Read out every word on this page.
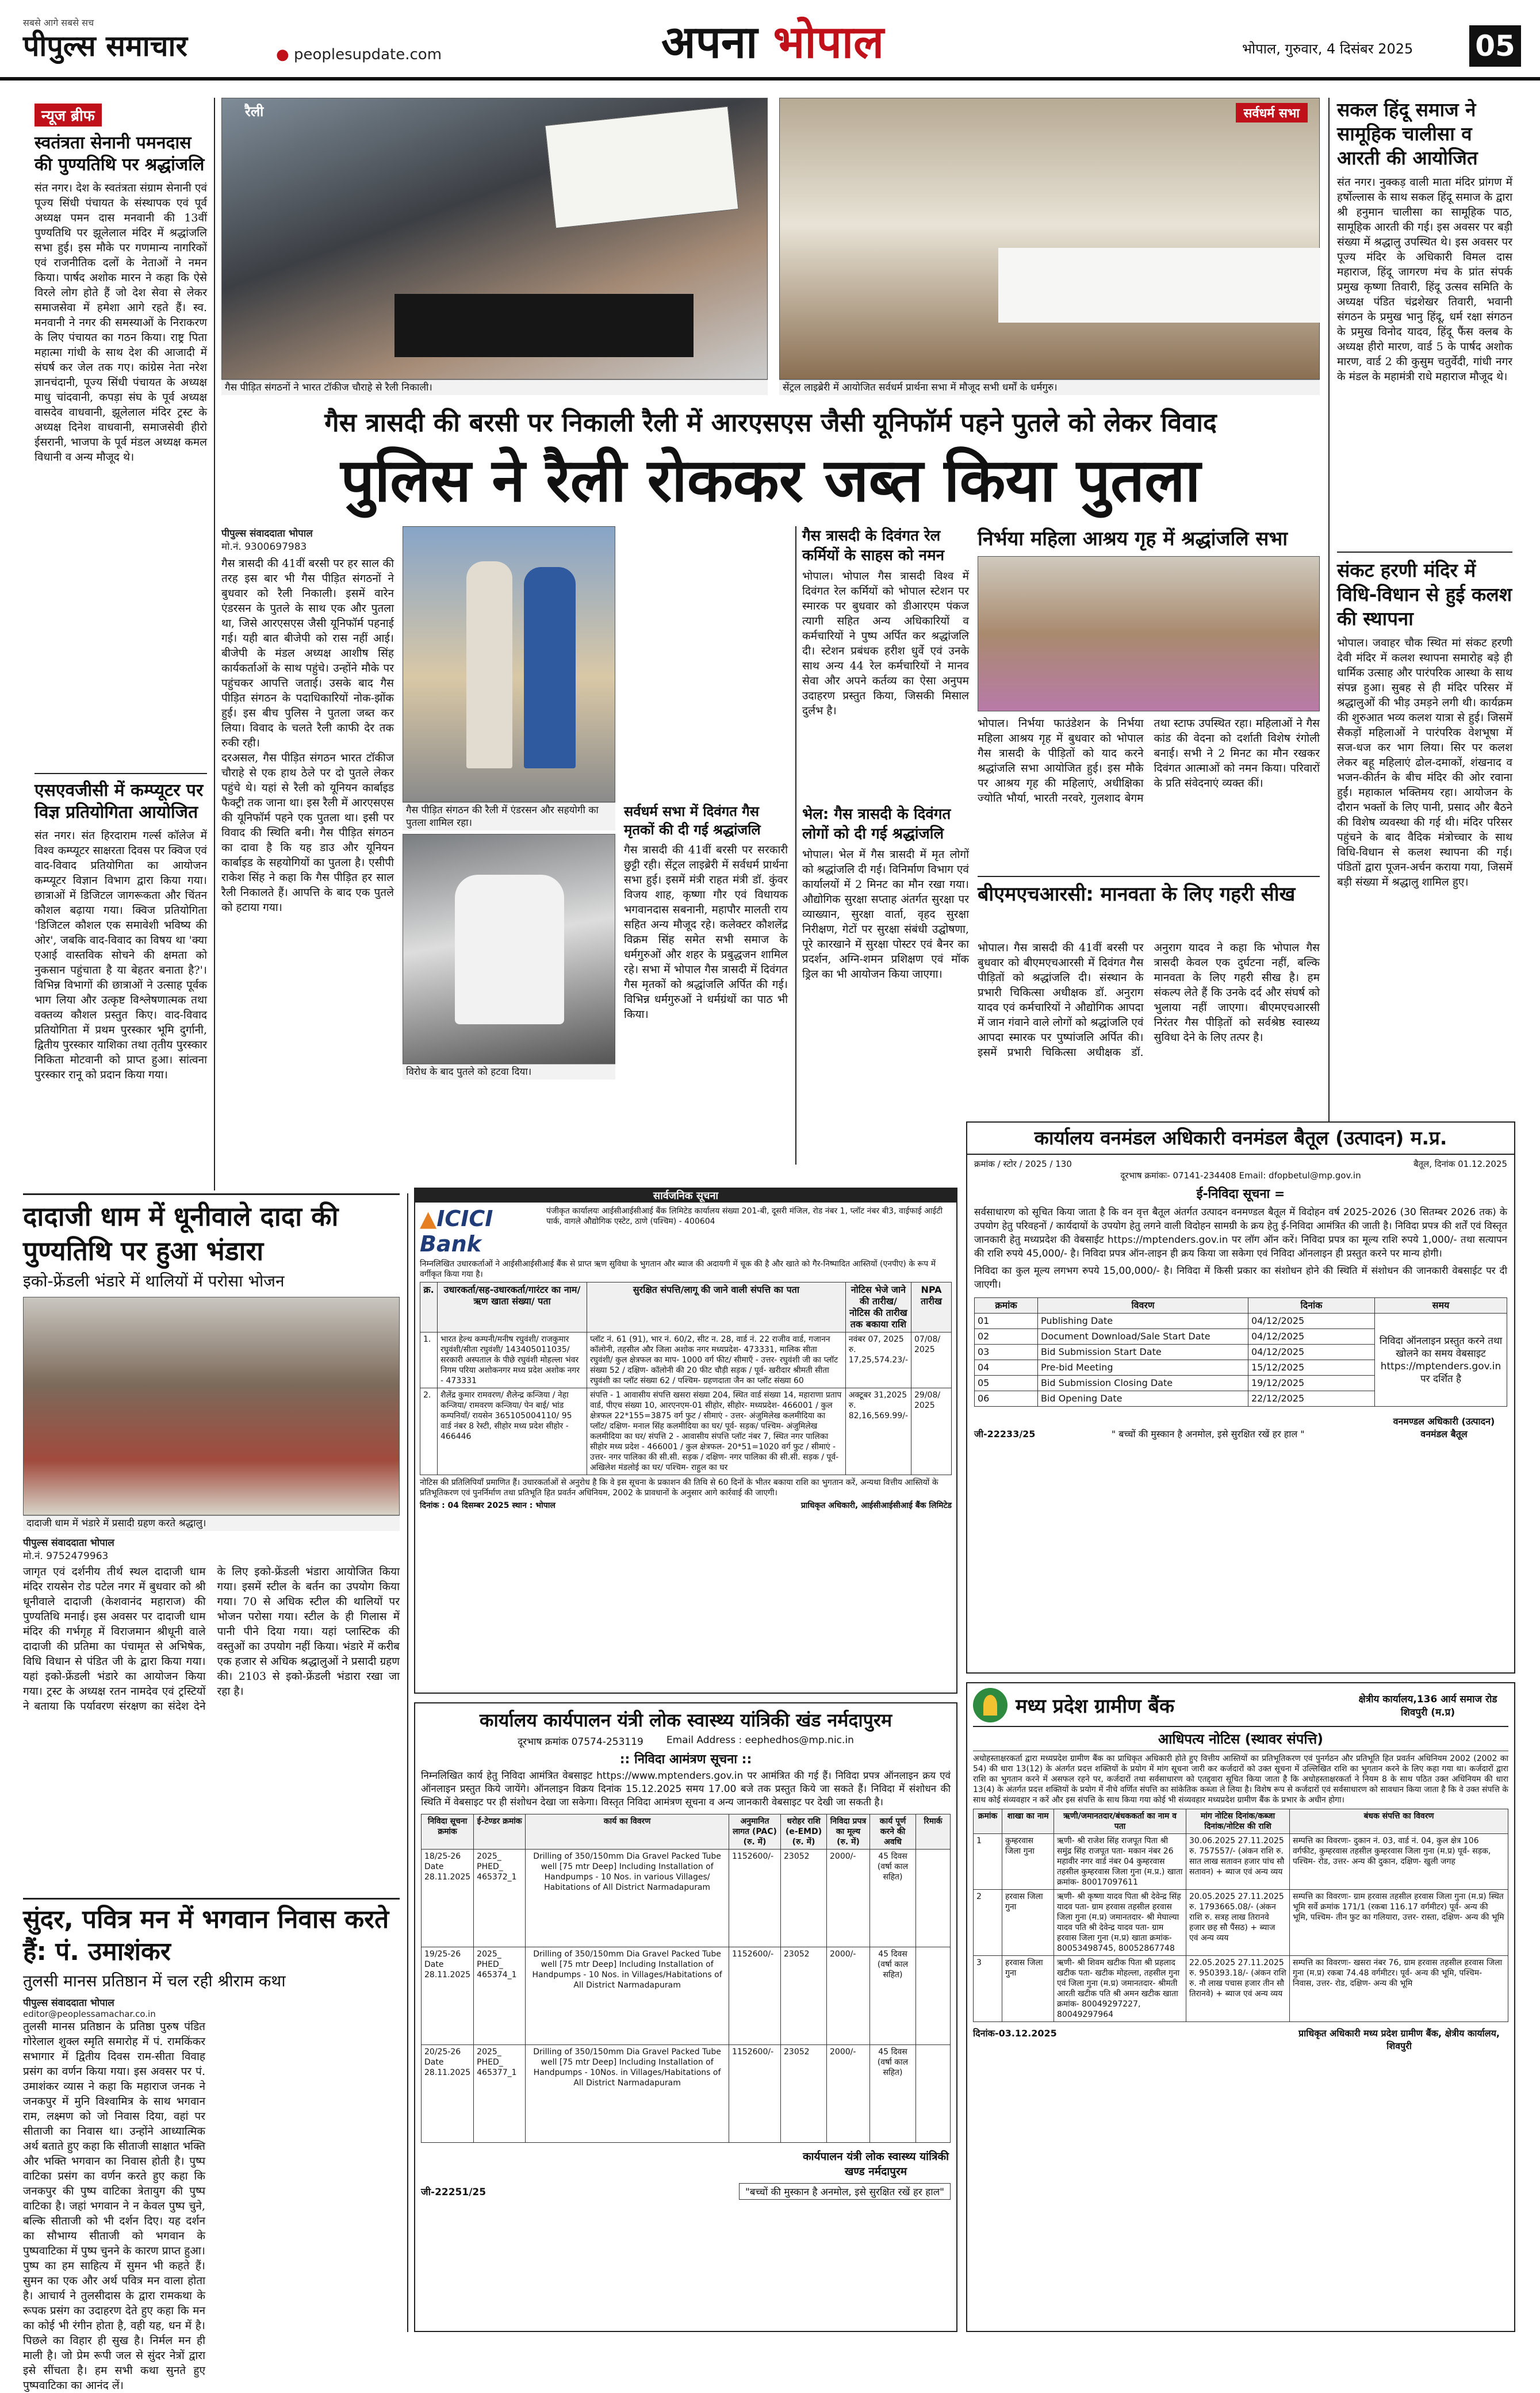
सबसे आगे सबसे सच
पीपुल्स समाचार	● peoplesupdate.com	अपना भोपाल	भोपाल, गुरुवार, 4 दिसंबर 2025 05
न्यूज ब्रीफ
स्वतंत्रता सेनानी पमनदास की पुण्यतिथि पर श्रद्धांजलि
संत नगर। देश के स्वतंत्रता संग्राम सेनानी एवं पूज्य सिंधी पंचायत के संस्थापक एवं पूर्व अध्यक्ष पमन दास मनवानी की 13वीं पुण्यतिथि पर झूलेलाल मंदिर में श्रद्धांजलि सभा हुई। इस मौके पर गणमान्य नागरिकों एवं राजनीतिक दलों के नेताओं ने नमन किया। पार्षद अशोक मारन ने कहा कि ऐसे विरले लोग होते हैं जो देश सेवा से लेकर समाजसेवा में हमेशा आगे रहते हैं। स्व. मनवानी ने नगर की समस्याओं के निराकरण के लिए पंचायत का गठन किया। राष्ट्र पिता महात्मा गांधी के साथ देश की आजादी में संघर्ष कर जेल तक गए। कांग्रेस नेता नरेश ज्ञानचंदानी, पूज्य सिंधी पंचायत के अध्यक्ष माधु चांदवानी, कपड़ा संघ के पूर्व अध्यक्ष वासदेव वाधवानी, झूलेलाल मंदिर ट्रस्ट के अध्यक्ष दिनेश वाधवानी, समाजसेवी हीरो ईसरानी, भाजपा के पूर्व मंडल अध्यक्ष कमल विधानी व अन्य मौजूद थे।
एसएवजीसी में कम्प्यूटर पर विज्ञ प्रतियोगिता आयोजित
संत नगर। संत हिरदाराम गर्ल्स कॉलेज में विश्व कम्प्यूटर साक्षरता दिवस पर क्विज एवं वाद-विवाद प्रतियोगिता का आयोजन कम्प्यूटर विज्ञान विभाग द्वारा किया गया। छात्राओं में डिजिटल जागरूकता और चिंतन कौशल बढ़ाया गया। क्विज प्रतियोगिता 'डिजिटल कौशल एक समावेशी भविष्य की ओर', जबकि वाद-विवाद का विषय था 'क्या एआई वास्तविक सोचने की क्षमता को नुकसान पहुंचाता है या बेहतर बनाता है?'। विभिन्न विभागों की छात्राओं ने उत्साह पूर्वक भाग लिया और उत्कृष्ट विश्लेषणात्मक तथा वक्तव्य कौशल प्रस्तुत किए। वाद-विवाद प्रतियोगिता में प्रथम पुरस्कार भूमि दुर्गानी, द्वितीय पुरस्कार याशिका तथा तृतीय पुरस्कार निकिता मोटवानी को प्राप्त हुआ। सांत्वना पुरस्कार रानू को प्रदान किया गया।
रैली
गैस पीड़ित संगठनों ने भारत टॉकीज चौराहे से रैली निकाली।
सर्वधर्म सभा
सेंट्रल लाइब्रेरी में आयोजित सर्वधर्म प्रार्थना सभा में मौजूद सभी धर्मों के धर्मगुरु।
गैस त्रासदी की बरसी पर निकाली रैली में आरएसएस जैसी यूनिफॉर्म पहने पुतले को लेकर विवाद
पुलिस ने रैली रोककर जब्त किया पुतला
पीपुल्स संवाददाता भोपाल
मो.नं. 9300697983
गैस त्रासदी की 41वीं बरसी पर हर साल की तरह इस बार भी गैस पीड़ित संगठनों ने बुधवार को रैली निकाली। इसमें वारेन एंडरसन के पुतले के साथ एक और पुतला था, जिसे आरएसएस जैसी यूनिफॉर्म पहनाई गई। यही बात बीजेपी को रास नहीं आई। बीजेपी के मंडल अध्यक्ष आशीष सिंह कार्यकर्ताओं के साथ पहुंचे। उन्होंने मौके पर पहुंचकर आपत्ति जताई। उसके बाद गैस पीड़ित संगठन के पदाधिकारियों नोक-झोंक हुई। इस बीच पुलिस ने पुतला जब्त कर लिया। विवाद के चलते रैली काफी देर तक रुकी रही।
दरअसल, गैस पीड़ित संगठन भारत टॉकीज चौराहे से एक हाथ ठेले पर दो पुतले लेकर पहुंचे थे। यहां से रैली को यूनियन कार्बाइड फैक्ट्री तक जाना था। इस रैली में आरएसएस की यूनिफॉर्म पहने एक पुतला था। इसी पर विवाद की स्थिति बनी। गैस पीड़ित संगठन का दावा है कि यह डाउ और यूनियन कार्बाइड के सहयोगियों का पुतला है। एसीपी राकेश सिंह ने कहा कि गैस पीड़ित हर साल रैली निकालते हैं। आपत्ति के बाद एक पुतले को हटाया गया।
गैस पीड़ित संगठन की रैली में एंडरसन और सहयोगी का पुतला शामिल रहा।
विरोध के बाद पुतले को हटवा दिया।
सर्वधर्म सभा में दिवंगत गैस मृतकों की दी गई श्रद्धांजलि
गैस त्रासदी की 41वीं बरसी पर सरकारी छुट्टी रही। सेंट्रल लाइब्रेरी में सर्वधर्म प्रार्थना सभा हुई। इसमें मंत्री राहत मंत्री डॉ. कुंवर विजय शाह, कृष्णा गौर एवं विधायक भगवानदास सबनानी, महापौर मालती राय सहित अन्य मौजूद रहे। कलेक्टर कौशलेंद्र विक्रम सिंह समेत सभी समाज के धर्मगुरुओं और शहर के प्रबुद्धजन शामिल रहे। सभा में भोपाल गैस त्रासदी में दिवंगत गैस मृतकों को श्रद्धांजलि अर्पित की गई। विभिन्न धर्मगुरुओं ने धर्मग्रंथों का पाठ भी किया।
गैस त्रासदी के दिवंगत रेल कर्मियों के साहस को नमन
भोपाल। भोपाल गैस त्रासदी विश्व में दिवंगत रेल कर्मियों को भोपाल स्टेशन पर स्मारक पर बुधवार को डीआरएम पंकज त्यागी सहित अन्य अधिकारियों व कर्मचारियों ने पुष्प अर्पित कर श्रद्धांजलि दी। स्टेशन प्रबंधक हरीश धुर्वे एवं उनके साथ अन्य 44 रेल कर्मचारियों ने मानव सेवा और अपने कर्तव्य का ऐसा अनुपम उदाहरण प्रस्तुत किया, जिसकी मिसाल दुर्लभ है।
भेल: गैस त्रासदी के दिवंगत लोगों को दी गई श्रद्धांजलि
भोपाल। भेल में गैस त्रासदी में मृत लोगों को श्रद्धांजलि दी गई। विनिर्माण विभाग एवं कार्यालयों में 2 मिनट का मौन रखा गया। औद्योगिक सुरक्षा सप्ताह अंतर्गत सुरक्षा पर व्याख्यान, सुरक्षा वार्ता, वृहद सुरक्षा निरीक्षण, गेटों पर सुरक्षा संबंधी उद्घोषणा, पूरे कारखाने में सुरक्षा पोस्टर एवं बैनर का प्रदर्शन, अग्नि-शमन प्रशिक्षण एवं मॉक ड्रिल का भी आयोजन किया जाएगा।
निर्भया महिला आश्रय गृह में श्रद्धांजलि सभा
भोपाल। निर्भया फाउंडेशन के निर्भया महिला आश्रय गृह में बुधवार को भोपाल गैस त्रासदी के पीड़ितों को याद करने श्रद्धांजलि सभा आयोजित हुई। इस मौके पर आश्रय गृह की महिलाएं, अधीक्षिका ज्योति भौर्या, भारती नरवरे, गुलशाद बेगम तथा स्टाफ उपस्थित रहा। महिलाओं ने गैस कांड की वेदना को दर्शाती विशेष रंगोली बनाई। सभी ने 2 मिनट का मौन रखकर दिवंगत आत्माओं को नमन किया। परिवारों के प्रति संवेदनाएं व्यक्त कीं।
बीएमएचआरसी: मानवता के लिए गहरी सीख
भोपाल। गैस त्रासदी की 41वीं बरसी पर बुधवार को बीएमएचआरसी में दिवंगत गैस पीड़ितों को श्रद्धांजलि दी। संस्थान के प्रभारी चिकित्सा अधीक्षक डॉ. अनुराग यादव एवं कर्मचारियों ने औद्योगिक आपदा में जान गंवाने वाले लोगों को श्रद्धांजलि एवं आपदा स्मारक पर पुष्पांजलि अर्पित की। इसमें प्रभारी चिकित्सा अधीक्षक डॉ. अनुराग यादव ने कहा कि भोपाल गैस त्रासदी केवल एक दुर्घटना नहीं, बल्कि मानवता के लिए गहरी सीख है। हम संकल्प लेते हैं कि उनके दर्द और संघर्ष को भुलाया नहीं जाएगा। बीएमएचआरसी निरंतर गैस पीड़ितों को सर्वश्रेष्ठ स्वास्थ्य सुविधा देने के लिए तत्पर है।
सकल हिंदू समाज ने सामूहिक चालीसा व आरती की आयोजित
संत नगर। नुक्कड़ वाली माता मंदिर प्रांगण में हर्षोल्लास के साथ सकल हिंदू समाज के द्वारा श्री हनुमान चालीसा का सामूहिक पाठ, सामूहिक आरती की गई। इस अवसर पर बड़ी संख्या में श्रद्धालु उपस्थित थे। इस अवसर पर पूज्य मंदिर के अधिकारी विमल दास महाराज, हिंदू जागरण मंच के प्रांत संपर्क प्रमुख कृष्णा तिवारी, हिंदू उत्सव समिति के अध्यक्ष पंडित चंद्रशेखर तिवारी, भवानी संगठन के प्रमुख भानु हिंदू, धर्म रक्षा संगठन के प्रमुख विनोद यादव, हिंदू फैंस क्लब के अध्यक्ष हीरो मारण, वार्ड 5 के पार्षद अशोक मारण, वार्ड 2 की कुसुम चतुर्वेदी, गांधी नगर के मंडल के महामंत्री राधे महाराज मौजूद थे।
संकट हरणी मंदिर में विधि-विधान से हुई कलश की स्थापना
भोपाल। जवाहर चौक स्थित मां संकट हरणी देवी मंदिर में कलश स्थापना समारोह बड़े ही धार्मिक उत्साह और पारंपरिक आस्था के साथ संपन्न हुआ। सुबह से ही मंदिर परिसर में श्रद्धालुओं की भीड़ उमड़ने लगी थी। कार्यक्रम की शुरुआत भव्य कलश यात्रा से हुई। जिसमें सैकड़ों महिलाओं ने पारंपरिक वेशभूषा में सज-धज कर भाग लिया। सिर पर कलश लेकर बहू महिलाएं ढोल-दमाकों, शंखनाद व भजन-कीर्तन के बीच मंदिर की ओर रवाना हुईं। महाकाल भक्तिमय रहा। आयोजन के दौरान भक्तों के लिए पानी, प्रसाद और बैठने की विशेष व्यवस्था की गई थी। मंदिर परिसर पहुंचने के बाद वैदिक मंत्रोच्चार के साथ विधि-विधान से कलश स्थापना की गई। पंडितों द्वारा पूजन-अर्चन कराया गया, जिसमें बड़ी संख्या में श्रद्धालु शामिल हुए।
दादाजी धाम में धूनीवाले दादा की पुण्यतिथि पर हुआ भंडारा
इको-फ्रेंडली भंडारे में थालियों में परोसा भोजन
दादाजी धाम में भंडारे में प्रसादी ग्रहण करते श्रद्धालु।
पीपुल्स संवाददाता भोपाल
मो.नं. 9752479963
जागृत एवं दर्शनीय तीर्थ स्थल दादाजी धाम मंदिर रायसेन रोड पटेल नगर में बुधवार को श्री धूनीवाले दादाजी (केशवानंद महाराज) की पुण्यतिथि मनाई। इस अवसर पर दादाजी धाम मंदिर की गर्भगृह में विराजमान श्रीधूनी वाले दादाजी की प्रतिमा का पंचामृत से अभिषेक, विधि विधान से पंडित जी के द्वारा किया गया। यहां इको-फ्रेंडली भंडारे का आयोजन किया गया। ट्रस्ट के अध्यक्ष रतन नामदेव एवं ट्रस्टियों ने बताया कि पर्यावरण संरक्षण का संदेश देने के लिए इको-फ्रेंडली भंडारा आयोजित किया गया। इसमें स्टील के बर्तन का उपयोग किया गया। 70 से अधिक स्टील की थालियों पर भोजन परोसा गया। स्टील के ही गिलास में पानी पीने दिया गया। यहां प्लास्टिक की वस्तुओं का उपयोग नहीं किया। भंडारे में करीब एक हजार से अधिक श्रद्धालुओं ने प्रसादी ग्रहण की। 2103 से इको-फ्रेंडली भंडारा रखा जा रहा है।
सुंदर, पवित्र मन में भगवान निवास करते हैं: पं. उमाशंकर
तुलसी मानस प्रतिष्ठान में चल रही श्रीराम कथा
पीपुल्स संवाददाता भोपाल
editor@peoplessamachar.co.in
तुलसी मानस प्रतिष्ठान के प्रतिष्ठा पुरुष पंडित गोरेलाल शुक्ल स्मृति समारोह में पं. रामकिंकर सभागार में द्वितीय दिवस राम-सीता विवाह प्रसंग का वर्णन किया गया। इस अवसर पर पं. उमाशंकर व्यास ने कहा कि महाराज जनक ने जनकपुर में मुनि विश्वामित्र के साथ भगवान राम, लक्ष्मण को जो निवास दिया, वहां पर सीताजी का निवास था। उन्होंने आध्यात्मिक अर्थ बताते हुए कहा कि सीताजी साक्षात भक्ति और भक्ति भगवान का निवास होती है। पुष्प वाटिका प्रसंग का वर्णन करते हुए कहा कि जनकपुर की पुष्प वाटिका त्रेतायुग की पुष्प वाटिका है। जहां भगवान ने न केवल पुष्प चुने, बल्कि सीताजी को भी दर्शन दिए। यह दर्शन का सौभाग्य सीताजी को भगवान के पुष्पवाटिका में पुष्प चुनने के कारण प्राप्त हुआ। पुष्प का हम साहित्य में सुमन भी कहते हैं। सुमन का एक और अर्थ पवित्र मन वाला होता है। आचार्य ने तुलसीदास के द्वारा रामकथा के रूपक प्रसंग का उदाहरण देते हुए कहा कि मन का कोई भी रंगीन होता है, वही यह, धन में है। पिछले का विहार ही सुख है। निर्मल मन ही माली है। जो प्रेम रूपी जल से सुंदर नेत्रों द्वारा इसे सींचता है। हम सभी कथा सुनते हुए पुष्पवाटिका का आनंद लें।
सार्वजनिक सूचना
▲ICICI Bank
पंजीकृत कार्यालयः आईसीआईसीआई बैंक लिमिटेड कार्यालय संख्या 201-बी, दूसरी मंजिल, रोड नंबर 1, प्लॉट नंबर बी3, वाईफाई आईटी पार्क, वागले औद्योगिक एस्टेट, ठाणे (पश्चिम) - 400604
निम्नलिखित उधारकर्ताओं ने आईसीआईसीआई बैंक से प्राप्त ऋण सुविधा के भुगतान और ब्याज की अदायगी में चूक की है और खाते को गैर-निष्पादित आस्तियों (एनपीए) के रूप में वर्गीकृत किया गया है।
क्र.	उधारकर्ता/सह-उधारकर्ता/गारंटर का नाम/ ऋण खाता संख्या/ पता	सुरक्षित संपत्ति/लागू की जाने वाली संपत्ति का पता	नोटिस भेजे जाने की तारीख/ नोटिस की तारीख तक बकाया राशि	NPA तारीख
1.	भारत हेल्थ कम्पनी/मनीष रघुवंशी/ राजकुमार रघुवंशी/सीता रघुवंशी/ 143405011035/ सरकारी अस्पताल के पीछे रघुवंशी मोहल्ला भंवर निगम परिया अशोकनगर मध्य प्रदेश अशोक नगर - 473331	प्लॉट नं. 61 (91), भार नं. 60/2, सीट न. 28, वार्ड नं. 22 राजीव वार्ड, गजानन कॉलोनी, तहसील और जिला अशोक नगर मध्यप्रदेश- 473331, मालिक सीता रघुवंशी/ कुल क्षेत्रफल का माप- 1000 वर्ग फीट/ सीमाएँ - उत्तर- रघुवंशी जी का प्लॉट संख्या 52 / दक्षिण- कॉलोनी की 20 फीट चौड़ी सड़क / पूर्व- खरीदार श्रीमती सीता रघुवंशी का प्लॉट संख्या 62 / पश्चिम- ग्रहणदाता जैन का प्लॉट संख्या 60	नवंबर 07, 2025 रु. 17,25,574.23/-	07/08/ 2025
2.	शैलेंद्र कुमार रामवरण/ शैलेन्द्र कन्जिया / नेहा कन्जिया/ रामवरण कन्जिया/ पेन बाई/ भांड कम्पनियाँ/ रायसेन 365105004110/ 95 वार्ड नंबर 8 रेस्टी, सीहोर मध्य प्रदेश सीहोर - 466446	संपत्ति - 1 आवासीय संपत्ति खसरा संख्या 204, स्थित वार्ड संख्या 14, महाराणा प्रताप वार्ड, पीएच संख्या 10, आरएनएम-01 सीहोर, सीहोर- मध्यप्रदेश- 466001 / कुल क्षेत्रफल 22*155=3875 वर्ग फुट / सीमाएं - उत्तर- अंजुमिलेख कलमीदिया का प्लॉट/ दक्षिण- मनाल सिंह कलमीदिया का घर/ पूर्व- सड़क/ पश्चिम- अंजुमिलेख कलमीदिया का घर/ संपत्ति 2 - आवासीय संपत्ति प्लॉट नंबर 7, स्थित नगर पालिका सीहोर मध्य प्रदेश - 466001 / कुल क्षेत्रफल- 20*51=1020 वर्ग फुट / सीमाएं - उत्तर- नगर पालिका की सी.सी. सड़क / दक्षिण- नगर पालिका की सी.सी. सड़क / पूर्व- अखिलेश मंडलोई का घर/ पश्चिम- राहुल का घर	अक्टूबर 31,2025 रु. 82,16,569.99/-	29/08/ 2025
नोटिस की प्रतिलिपियाँ प्रमाणित हैं। उधारकर्ताओं से अनुरोध है कि वे इस सूचना के प्रकाशन की तिथि से 60 दिनों के भीतर बकाया राशि का भुगतान करें, अन्यथा वित्तीय आस्तियों के प्रतिभूतिकरण एवं पुनर्निर्माण तथा प्रतिभूति हित प्रवर्तन अधिनियम, 2002 के प्रावधानों के अनुसार आगे कार्रवाई की जाएगी।
दिनांक : 04 दिसम्बर 2025 स्थान : भोपाल	प्राधिकृत अधिकारी, आईसीआईसीआई बैंक लिमिटेड
कार्यालय कार्यपालन यंत्री लोक स्वास्थ्य यांत्रिकी खंड नर्मदापुरम
दूरभाष क्रमांक 07574-253119 Email Address : eephedhos@mp.nic.in
:: निविदा आमंत्रण सूचना ::
निम्नलिखित कार्य हेतु निविदा आमंत्रित वेबसाइट https://www.mptenders.gov.in पर आमंत्रित की गई हैं। निविदा प्रपत्र ऑनलाइन क्रय एवं ऑनलाइन प्रस्तुत किये जायेंगे। ऑनलाइन विक्रय दिनांक 15.12.2025 समय 17.00 बजे तक प्रस्तुत किये जा सकते हैं। निविदा में संशोधन की स्थिति में वेबसाइट पर ही संशोधन देखा जा सकेगा। विस्तृत निविदा आमंत्रण सूचना व अन्य जानकारी वेबसाइट पर देखी जा सकती है।
निविदा सूचना क्रमांक	ई-टेण्डर क्रमांक	कार्य का विवरण	अनुमानित लागत (PAC) (रु. में)	धरोहर राशि (e-EMD) (रु. में)	निविदा प्रपत्र का मूल्य (रु. में)	कार्य पूर्ण करने की अवधि	रिमार्क
18/25-26 Date 28.11.2025	2025_ PHED_ 465372_1	Drilling of 350/150mm Dia Gravel Packed Tube well [75 mtr Deep] Including Installation of Handpumps - 10 Nos. in various Villages/ Habitations of All District Narmadapuram	1152600/-	23052	2000/-	45 दिवस (वर्षा काल सहित)	
19/25-26 Date 28.11.2025	2025_ PHED_ 465374_1	Drilling of 350/150mm Dia Gravel Packed Tube well [75 mtr Deep] Including Installation of Handpumps - 10 Nos. in Villages/Habitations of All District Narmadapuram	1152600/-	23052	2000/-	45 दिवस (वर्षा काल सहित)	
20/25-26 Date 28.11.2025	2025_ PHED_ 465377_1	Drilling of 350/150mm Dia Gravel Packed Tube well [75 mtr Deep] Including Installation of Handpumps - 10Nos. in Villages/Habitations of All District Narmadapuram	1152600/-	23052	2000/-	45 दिवस (वर्षा काल सहित)	
कार्यपालन यंत्री लोक स्वास्थ्य यांत्रिकी खण्ड नर्मदापुरम
जी-22251/25	"बच्चों की मुस्कान है अनमोल, इसे सुरक्षित रखें हर हाल"
कार्यालय वनमंडल अधिकारी वनमंडल बैतूल (उत्पादन) म.प्र.
क्रमांक / स्टोर / 2025 / 130	बैतूल, दिनांक 01.12.2025
दूरभाष क्रमांकः- 07141-234408 Email: dfopbetul@mp.gov.in
ई-निविदा सूचना =
सर्वसाधारण को सूचित किया जाता है कि वन वृत्त बैतूल अंतर्गत उत्पादन वनमण्डल बैतूल में विदोहन वर्ष 2025-2026 (30 सितम्बर 2026 तक) के उपयोग हेतु परिवहनों / कार्यदायों के उपयोग हेतु लगने वाली विदोहन सामग्री के क्रय हेतु ई-निविदा आमंत्रित की जाती है। निविदा प्रपत्र की शर्तें एवं विस्तृत जानकारी हेतु मध्यप्रदेश की वेबसाईट https://mptenders.gov.in पर लॉग ऑन करें। निविदा प्रपत्र का मूल्य राशि रुपये 1,000/- तथा सत्यापन की राशि रुपये 45,000/- है। निविदा प्रपत्र ऑन-लाइन ही क्रय किया जा सकेगा एवं निविदा ऑनलाइन ही प्रस्तुत करने पर मान्य होगी।
निविदा का कुल मूल्य लगभग रुपये 15,00,000/- है। निविदा में किसी प्रकार का संशोधन होने की स्थिति में संशोधन की जानकारी वेबसाईट पर दी जाएगी।
क्रमांक	विवरण	दिनांक	समय
01	Publishing Date	04/12/2025	निविदा ऑनलाइन प्रस्तुत करने तथा खोलने का समय वेबसाइट https://mptenders.gov.in पर दर्शित है
02	Document Download/Sale Start Date	04/12/2025	
03	Bid Submission Start Date	04/12/2025	
04	Pre-bid Meeting	15/12/2025	
05	Bid Submission Closing Date	19/12/2025	
06	Bid Opening Date	22/12/2025	
जी-22233/25	" बच्चों की मुस्कान है अनमोल, इसे सुरक्षित रखें हर हाल "
वनमण्डल अधिकारी (उत्पादन) वनमंडल बैतूल
मध्य प्रदेश ग्रामीण बैंक	क्षेत्रीय कार्यालय,136 आर्य समाज रोड शिवपुरी (म.प्र)
आधिपत्य नोटिस (स्थावर संपत्ति)
अधोहस्ताक्षरकर्ता द्वारा मध्यप्रदेश ग्रामीण बैंक का प्राधिकृत अधिकारी होते हुए वित्तीय आस्तियों का प्रतिभूतिकरण एवं पुनर्गठन और प्रतिभूति हित प्रवर्तन अधिनियम 2002 (2002 का 54) की धारा 13(12) के अंतर्गत प्रदत्त शक्तियों के प्रयोग में मांग सूचना जारी कर कर्जदारों को उक्त सूचना में उल्लिखित राशि का भुगतान करने के लिए कहा गया था। कर्जदारों द्वारा राशि का भुगतान करने में असफल रहने पर, कर्जदारों तथा सर्वसाधारण को एतद्द्वारा सूचित किया जाता है कि अधोहस्ताक्षरकर्ता ने नियम 8 के साथ पठित उक्त अधिनियम की धारा 13(4) के अंतर्गत प्रदत्त शक्तियों के प्रयोग में नीचे वर्णित संपत्ति का सांकेतिक कब्जा ले लिया है। विशेष रूप से कर्जदारों एवं सर्वसाधारण को सावधान किया जाता है कि वे उक्त संपत्ति के साथ कोई संव्यवहार न करें और इस संपत्ति के साथ किया गया कोई भी संव्यवहार मध्यप्रदेश ग्रामीण बैंक के प्रभार के अधीन होगा।
क्रमांक	शाखा का नाम	ऋणी/जमानतदार/बंधककर्ता का नाम व पता	मांग नोटिस दिनांक/कब्जा दिनांक/नोटिस की राशि	बंधक संपत्ति का विवरण
1	कुम्हरवास जिला गुना	ऋणी- श्री राजेश सिंह राजपूत पिता श्री समुंद्र सिंह राजपूत पता- मकान नंबर 26 महावीर नगर वार्ड नंबर 04 कुम्हरवास तहसील कुम्हरवास जिला गुना (म.प्र.) खाता क्रमांक- 80017097611	30.06.2025 27.11.2025 रु. 757557/- (अंकन राशि रु. सात लाख सतावन हजार पांच सौ सतावन) + ब्याज एवं अन्य व्यय	सम्पत्ति का विवरणः- दुकान नं. 03, वार्ड नं. 04, कुल क्षेत्र 106 वर्गफीट, कुम्हरवास तहसील कुम्हरवास जिला गुना (म.प्र) पूर्व- सड़क, पश्चिम- रोड, उत्तर- अन्य की दुकान, दक्षिण- खुली जगह
2	हरवास जिला गुना	ऋणी- श्री कृष्णा यादव पिता श्री देवेन्द्र सिंह यादव पता- ग्राम हरवास तहसील हरवास जिला गुना (म.प्र) जमानतदार- श्री मेघाल्या यादव पति श्री देवेन्द्र यादव पता- ग्राम हरवास जिला गुना (म.प्र) खाता क्रमांक- 80053498745, 80052867748	20.05.2025 27.11.2025 रु. 1793665.08/- (अंकन राशि रु. सत्रह लाख तिरानवे हजार छह सौ पैंसठ) + ब्याज एवं अन्य व्यय	सम्पत्ति का विवरणः- ग्राम हरवास तहसील हरवास जिला गुना (म.प्र) स्थित भूमि सर्वे क्रमांक 171/1 (रकबा 116.17 वर्गमीटर) पूर्व- अन्य की भूमि, पश्चिम- तीन फुट का गलियारा, उत्तर- रास्ता, दक्षिण- अन्य की भूमि
3	हरवास जिला गुना	ऋणी- श्री शिवम खटीक पिता श्री प्रहलाद खटीक पता- खटीक मोहल्ला, तहसील गुना एवं जिला गुना (म.प्र) जमानतदार- श्रीमती आरती खटीक पति श्री अमन खटीक खाता क्रमांक- 80049297227, 80049297964	22.05.2025 27.11.2025 रु. 950393.18/- (अंकन राशि रु. नौ लाख पचास हजार तीन सौ तिरानवे) + ब्याज एवं अन्य व्यय	सम्पत्ति का विवरणः- खसरा नंबर 76, ग्राम हरवास तहसील हरवास जिला गुना (म.प्र) रकबा 74.48 वर्गमीटर। पूर्व- अन्य की भूमि, पश्चिम- निवास, उत्तर- रोड, दक्षिण- अन्य की भूमि
दिनांक-03.12.2025	प्राधिकृत अधिकारी मध्य प्रदेश ग्रामीण बैंक, क्षेत्रीय कार्यालय, शिवपुरी
